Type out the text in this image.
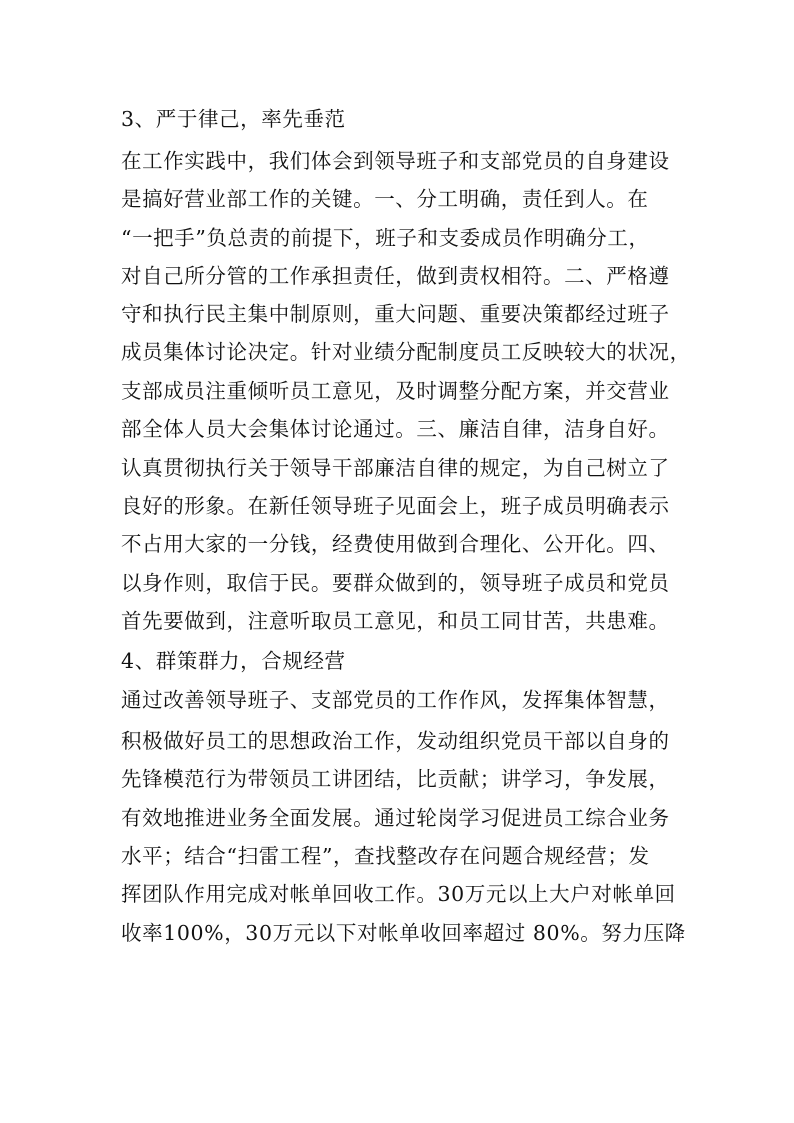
3、严于律己，率先垂范
在工作实践中，我们体会到领导班子和支部党员的自身建设
是搞好营业部工作的关键。一、分工明确，责任到人。在
“一把手”负总责的前提下，班子和支委成员作明确分工，
对自己所分管的工作承担责任，做到责权相符。二、严格遵
守和执行民主集中制原则，重大问题、重要决策都经过班子
成员集体讨论决定。针对业绩分配制度员工反映较大的状况，
支部成员注重倾听员工意见，及时调整分配方案，并交营业
部全体人员大会集体讨论通过。三、廉洁自律，洁身自好。
认真贯彻执行关于领导干部廉洁自律的规定，为自己树立了
良好的形象。在新任领导班子见面会上，班子成员明确表示
不占用大家的一分钱，经费使用做到合理化、公开化。四、
以身作则，取信于民。要群众做到的，领导班子成员和党员
首先要做到，注意听取员工意见，和员工同甘苦，共患难。
4、群策群力，合规经营
通过改善领导班子、支部党员的工作作风，发挥集体智慧，
积极做好员工的思想政治工作，发动组织党员干部以自身的
先锋模范行为带领员工讲团结，比贡献；讲学习，争发展，
有效地推进业务全面发展。通过轮岗学习促进员工综合业务
水平；结合“扫雷工程”，查找整改存在问题合规经营；发
挥团队作用完成对帐单回收工作。30万元以上大户对帐单回
收率100%，30万元以下对帐单收回率超过 80%。努力压降
